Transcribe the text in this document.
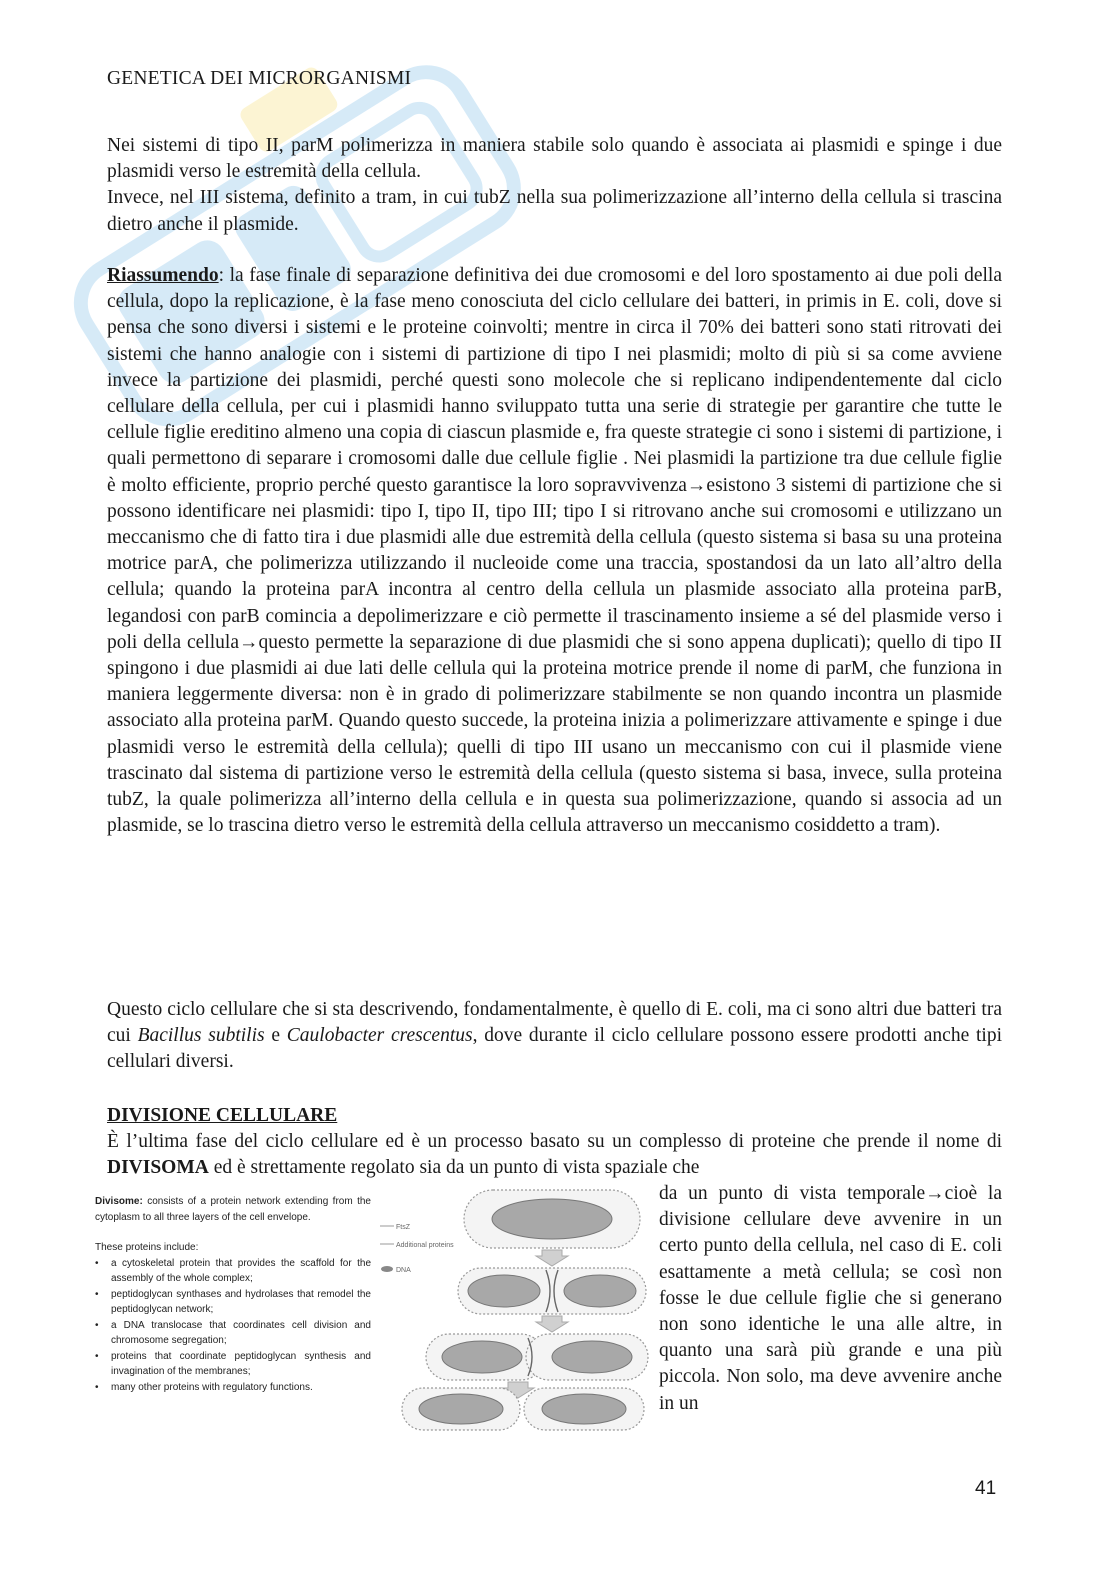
GENETICA DEI MICRORGANISMI

Nei sistemi di tipo II, parM polimerizza in maniera stabile solo quando è associata ai plasmidi e spinge i due plasmidi verso le estremità della cellula.

Invece, nel III sistema, definito a tram, in cui tubZ nella sua polimerizzazione all’interno della cellula si trascina dietro anche il plasmide.

Riassumendo: la fase finale di separazione definitiva dei due cromosomi e del loro spostamento ai due poli della cellula, dopo la replicazione, è la fase meno conosciuta del ciclo cellulare dei batteri, in primis in E. coli, dove si pensa che sono diversi i sistemi e le proteine coinvolti; mentre in circa il 70% dei batteri sono stati ritrovati dei sistemi che hanno analogie con i sistemi di partizione di tipo I nei plasmidi; molto di più si sa come avviene invece la partizione dei plasmidi, perché questi sono molecole che si replicano indipendentemente dal ciclo cellulare della cellula, per cui i plasmidi hanno sviluppato tutta una serie di strategie per garantire che tutte le cellule figlie ereditino almeno una copia di ciascun plasmide e, fra queste strategie ci sono i sistemi di partizione, i quali permettono di separare i cromosomi dalle due cellule figlie . Nei plasmidi la partizione tra due cellule figlie è molto efficiente, proprio perché questo garantisce la loro sopravvivenza→esistono 3 sistemi di partizione che si possono identificare nei plasmidi: tipo I, tipo II, tipo III; tipo I si ritrovano anche sui cromosomi e utilizzano un meccanismo che di fatto tira i due plasmidi alle due estremità della cellula (questo sistema si basa su una proteina motrice parA, che polimerizza utilizzando il nucleoide come una traccia, spostandosi da un lato all’altro della cellula; quando la proteina parA incontra al centro della cellula un plasmide associato alla proteina parB, legandosi con parB comincia a depolimerizzare e ciò permette il trascinamento insieme a sé del plasmide verso i poli della cellula→questo permette la separazione di due plasmidi che si sono appena duplicati); quello di tipo II spingono i due plasmidi ai due lati delle cellula qui la proteina motrice prende il nome di parM, che funziona in maniera leggermente diversa: non è in grado di polimerizzare stabilmente se non quando incontra un plasmide associato alla proteina parM. Quando questo succede, la proteina inizia a polimerizzare attivamente e spinge i due plasmidi verso le estremità della cellula); quelli di tipo III usano un meccanismo con cui il plasmide viene trascinato dal sistema di partizione verso le estremità della cellula (questo sistema si basa, invece, sulla proteina tubZ, la quale polimerizza all’interno della cellula e in questa sua polimerizzazione, quando si associa ad un plasmide, se lo trascina dietro verso le estremità della cellula attraverso un meccanismo cosiddetto a tram).

Questo ciclo cellulare che si sta descrivendo, fondamentalmente, è quello di E. coli, ma ci sono altri due batteri tra cui Bacillus subtilis e Caulobacter crescentus, dove durante il ciclo cellulare possono essere prodotti anche tipi cellulari diversi.

DIVISIONE CELLULARE

È l’ultima fase del ciclo cellulare ed è un processo basato su un complesso di proteine che prende il nome di DIVISOMA ed è strettamente regolato sia da un punto di vista spaziale che

da un punto di vista temporale→cioè la divisione cellulare deve avvenire in un certo punto della cellula, nel caso di E. coli esattamente a metà cellula; se così non fosse le due cellule figlie che si generano non sono identiche le una alle altre, in quanto una sarà più grande e una più piccola. Non solo, ma deve avvenire anche in un

Divisome: consists of a protein network extending from the cytoplasm to all three layers of the cell envelope.

These proteins include:

• a cytoskeletal protein that provides the scaffold for the assembly of the whole complex;
• peptidoglycan synthases and hydrolases that remodel the peptidoglycan network;
• a DNA translocase that coordinates cell division and chromosome segregation;
• proteins that coordinate peptidoglycan synthesis and invagination of the membranes;
• many other proteins with regulatory functions.
FtsZ
Additional proteins
DNA
41
